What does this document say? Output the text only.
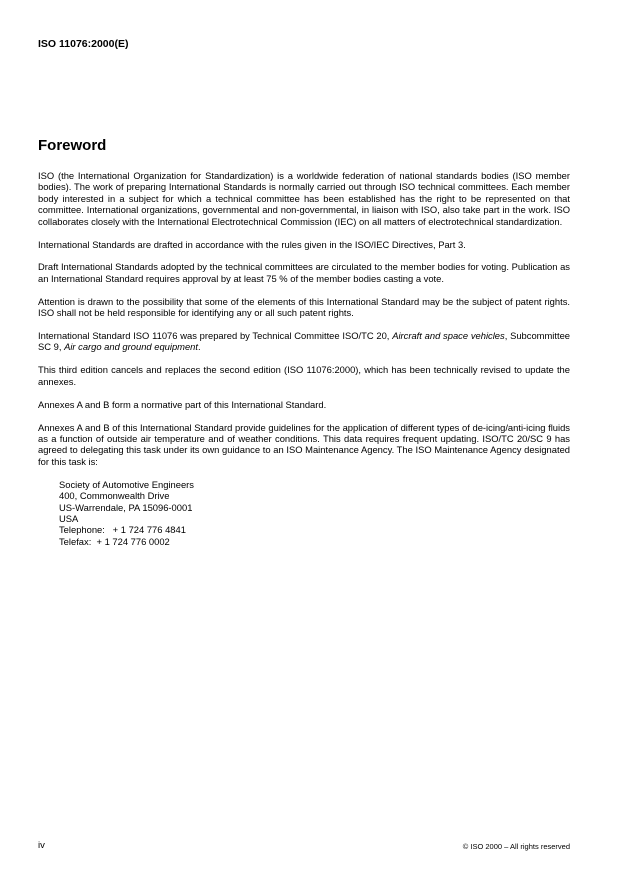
ISO 11076:2000(E)
Foreword

ISO (the International Organization for Standardization) is a worldwide federation of national standards bodies (ISO member bodies). The work of preparing International Standards is normally carried out through ISO technical committees. Each member body interested in a subject for which a technical committee has been established has the right to be represented on that committee. International organizations, governmental and non-governmental, in liaison with ISO, also take part in the work. ISO collaborates closely with the International Electrotechnical Commission (IEC) on all matters of electrotechnical standardization.

International Standards are drafted in accordance with the rules given in the ISO/IEC Directives, Part 3.

Draft International Standards adopted by the technical committees are circulated to the member bodies for voting. Publication as an International Standard requires approval by at least 75 % of the member bodies casting a vote.

Attention is drawn to the possibility that some of the elements of this International Standard may be the subject of patent rights. ISO shall not be held responsible for identifying any or all such patent rights.

International Standard ISO 11076 was prepared by Technical Committee ISO/TC 20, Aircraft and space vehicles, Subcommittee SC 9, Air cargo and ground equipment.

This third edition cancels and replaces the second edition (ISO 11076:2000), which has been technically revised to update the annexes.

Annexes A and B form a normative part of this International Standard.

Annexes A and B of this International Standard provide guidelines for the application of different types of de-icing/anti-icing fluids as a function of outside air temperature and of weather conditions. This data requires frequent updating. ISO/TC 20/SC 9 has agreed to delegating this task under its own guidance to an ISO Maintenance Agency. The ISO Maintenance Agency designated for this task is:

Society of Automotive Engineers
400, Commonwealth Drive
US-Warrendale, PA 15096-0001
USA
Telephone:   + 1 724 776 4841
Telefax:  + 1 724 776 0002
iv	© ISO 2000 – All rights reserved
